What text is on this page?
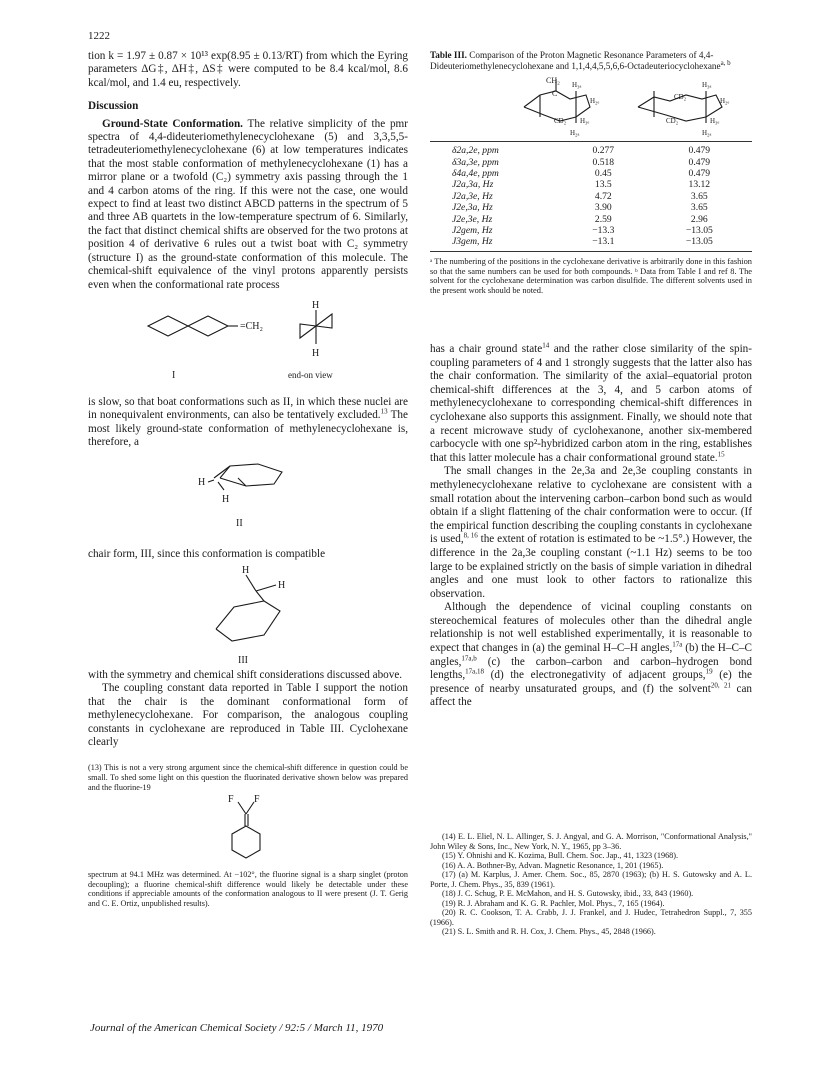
1222

tion k = 1.97 ± 0.87 × 10¹³ exp(8.95 ± 0.13/RT) from which the Eyring parameters ΔG‡, ΔH‡, ΔS‡ were computed to be 8.4 kcal/mol, 8.6 kcal/mol, and 1.4 eu, respectively.

Discussion

Ground-State Conformation. The relative simplicity of the pmr spectra of 4,4-dideuteriomethylenecyclohexane (5) and 3,3,5,5-tetradeuteriomethylenecyclohexane (6) at low temperatures indicates that the most stable conformation of methylenecyclohexane (1) has a mirror plane or a twofold (C₂) symmetry axis passing through the 1 and 4 carbon atoms of the ring. If this were not the case, one would expect to find at least two distinct ABCD patterns in the spectrum of 5 and three AB quartets in the low-temperature spectrum of 6. Similarly, the fact that distinct chemical shifts are observed for the two protons at position 4 of derivative 6 rules out a twist boat with C₂ symmetry (structure I) as the ground-state conformation of this molecule. The chemical-shift equivalence of the vinyl protons apparently persists even when the conformational rate process

=CH₂
H
H
I	end-on view

is slow, so that boat conformations such as II, in which these nuclei are in nonequivalent environments, can also be tentatively excluded.$^{13}$ The most likely ground-state conformation of methylenecyclohexane is, therefore, a

H
H
II

chair form, III, since this conformation is compatible

H
H
III

with the symmetry and chemical shift considerations discussed above.

The coupling constant data reported in Table I support the notion that the chair is the dominant conformational form of methylenecyclohexane. For comparison, the analogous coupling constants in cyclohexane are reproduced in Table III. Cyclohexane clearly

(13) This is not a very strong argument since the chemical-shift difference in question could be small. To shed some light on this question the fluorinated derivative shown below was prepared and the fluorine-19

F F

spectrum at 94.1 MHz was determined. At −102°, the fluorine signal is a sharp singlet (proton decoupling); a fluorine chemical-shift difference would likely be detectable under these conditions if appreciable amounts of the conformation analogous to II were present (J. T. Gerig and C. E. Ortiz, unpublished results).

Table III. Comparison of the Proton Magnetic Resonance Parameters of 4,4-Dideuteriomethylenecyclohexane and 1,1,4,4,5,5,6,6-Octadeuteriocyclohexane$^{a, b}$

CH₂
C
H₃ₐ
H₂ₑ
CD₂ H₃ₑ
H₂ₐ
H₃ₐ
CD₂	H₂ₑ
CD₂	H₃ₑ
H₂ₐ
δ2a,2e, ppm	0.277	0.479
δ3a,3e, ppm	0.518	0.479
δ4a,4e, ppm	0.45	0.479
J2a,3a, Hz	13.5	13.12
J2a,3e, Hz	4.72	3.65
J2e,3a, Hz	3.90	3.65
J2e,3e, Hz	2.59	2.96
J2gem, Hz	−13.3	−13.05
J3gem, Hz	−13.1	−13.05
ᵃ The numbering of the positions in the cyclohexane derivative is arbitrarily done in this fashion so that the same numbers can be used for both compounds. ᵇ Data from Table I and ref 8. The solvent for the cyclohexane determination was carbon disulfide. The different solvents used in the present work should be noted.

has a chair ground state$^{14}$ and the rather close similarity of the spin-coupling parameters of 4 and 1 strongly suggests that the latter also has the chair conformation. The similarity of the axial–equatorial proton chemical-shift differences at the 3, 4, and 5 carbon atoms of methylenecyclohexane to corresponding chemical-shift differences in cyclohexane also supports this assignment. Finally, we should note that a recent microwave study of cyclohexanone, another six-membered carbocycle with one sp²-hybridized carbon atom in the ring, establishes that this latter molecule has a chair conformational ground state.$^{15}$

The small changes in the 2e,3a and 2e,3e coupling constants in methylenecyclohexane relative to cyclohexane are consistent with a small rotation about the intervening carbon–carbon bond such as would obtain if a slight flattening of the chair conformation were to occur. (If the empirical function describing the coupling constants in cyclohexane is used,$^{8, 16}$ the extent of rotation is estimated to be ~1.5°.) However, the difference in the 2a,3e coupling constant (~1.1 Hz) seems to be too large to be explained strictly on the basis of simple variation in dihedral angles and one must look to other factors to rationalize this observation.

Although the dependence of vicinal coupling constants on stereochemical features of molecules other than the dihedral angle relationship is not well established experimentally, it is reasonable to expect that changes in (a) the geminal H–C–H angles,$^{17a}$ (b) the H–C–C angles,$^{17a,b}$ (c) the carbon–carbon and carbon–hydrogen bond lengths,$^{17a,18}$ (d) the electronegativity of adjacent groups,$^{19}$ (e) the presence of nearby unsaturated groups, and (f) the solvent$^{20, 21}$ can affect the

(14) E. L. Eliel, N. L. Allinger, S. J. Angyal, and G. A. Morrison, "Conformational Analysis," John Wiley & Sons, Inc., New York, N. Y., 1965, pp 3–36.

(15) Y. Ohnishi and K. Kozima, Bull. Chem. Soc. Jap., 41, 1323 (1968).

(16) A. A. Bothner-By, Advan. Magnetic Resonance, 1, 201 (1965).

(17) (a) M. Karplus, J. Amer. Chem. Soc., 85, 2870 (1963); (b) H. S. Gutowsky and A. L. Porte, J. Chem. Phys., 35, 839 (1961).

(18) J. C. Schug, P. E. McMahon, and H. S. Gutowsky, ibid., 33, 843 (1960).

(19) R. J. Abraham and K. G. R. Pachler, Mol. Phys., 7, 165 (1964).

(20) R. C. Cookson, T. A. Crabb, J. J. Frankel, and J. Hudec, Tetrahedron Suppl., 7, 355 (1966).

(21) S. L. Smith and R. H. Cox, J. Chem. Phys., 45, 2848 (1966).

Journal of the American Chemical Society / 92:5 / March 11, 1970
